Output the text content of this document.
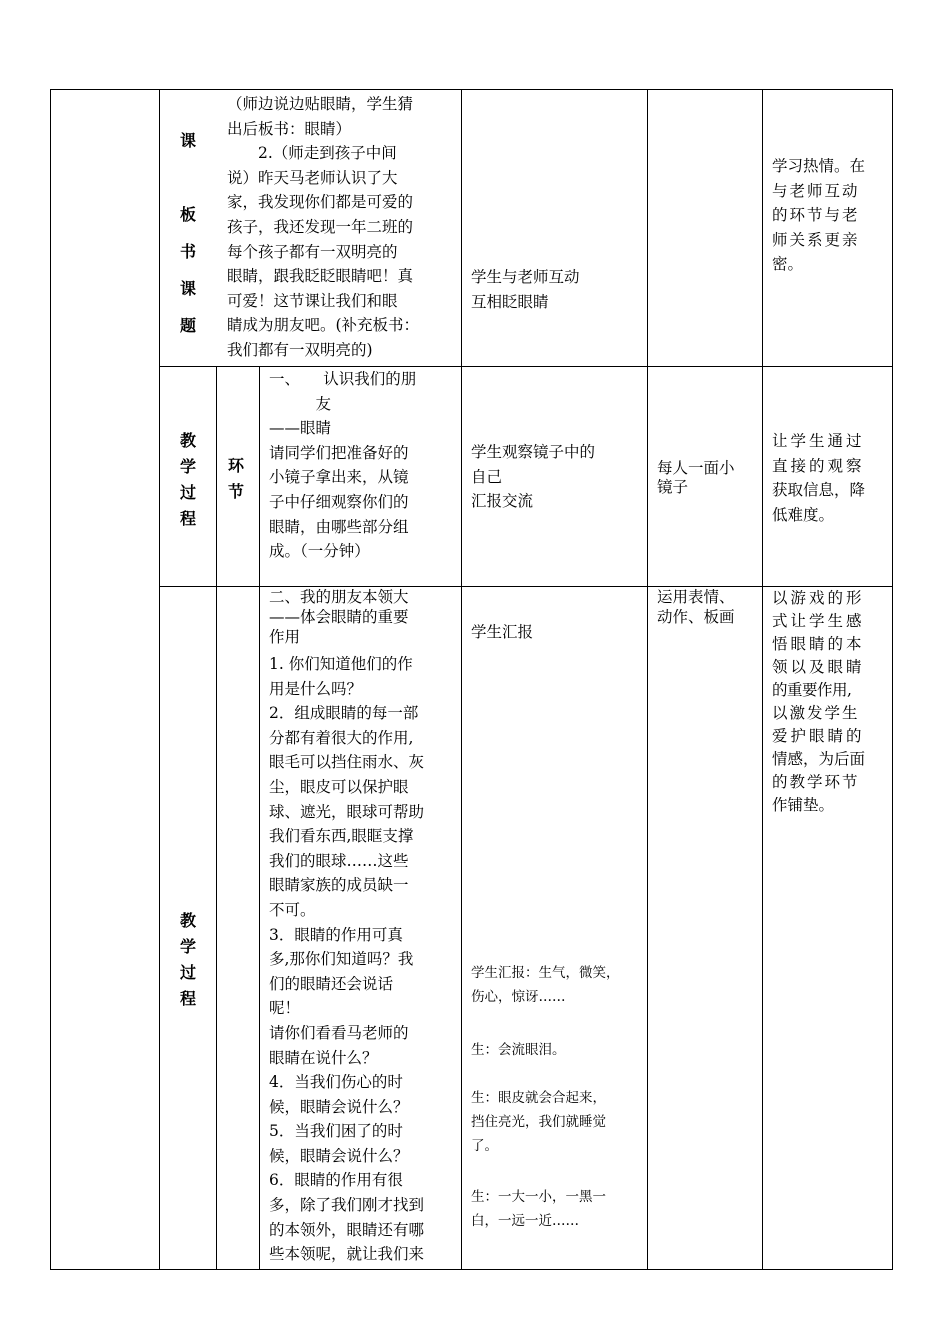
课
板
书
课
题
（师边说边贴眼睛，学生猜
出后板书：眼睛）
　　2.（师走到孩子中间
说）昨天马老师认识了大
家，我发现你们都是可爱的
孩子，我还发现一年二班的
每个孩子都有一双明亮的
眼睛，跟我眨眨眼睛吧！真
可爱！这节课让我们和眼
睛成为朋友吧。(补充板书：
我们都有一双明亮的)
学生与老师互动
互相眨眼睛
学习热情。在
与老师互动
的环节与老
师关系更亲
密。
教
学
过
程
环
节
一、　　认识我们的朋
　　　友
——眼睛
请同学们把准备好的
小镜子拿出来，从镜
子中仔细观察你们的
眼睛，由哪些部分组
成。（一分钟）
学生观察镜子中的
自己
汇报交流
每人一面小
镜子
让学生通过
直接的观察
获取信息，降
低难度。
教
学
过
程
二、我的朋友本领大
——体会眼睛的重要
作用
1. 你们知道他们的作
用是什么吗？
2．组成眼睛的每一部
分都有着很大的作用,
眼毛可以挡住雨水、灰
尘，眼皮可以保护眼
球、遮光，眼球可帮助
我们看东西,眼眶支撑
我们的眼球……这些
眼睛家族的成员缺一
不可。
3．眼睛的作用可真
多,那你们知道吗？我
们的眼睛还会说话
呢！
请你们看看马老师的
眼睛在说什么？
4．当我们伤心的时
候，眼睛会说什么？
5．当我们困了的时
候，眼睛会说什么？
6．眼睛的作用有很
多，除了我们刚才找到
的本领外，眼睛还有哪
些本领呢，就让我们来
学生汇报
学生汇报：生气，微笑，
伤心，惊讶……
生：会流眼泪。
生：眼皮就会合起来，
挡住亮光，我们就睡觉
了。
生：一大一小，一黑一
白，一远一近……
运用表情、
动作、板画
以游戏的形
式让学生感
悟眼睛的本
领以及眼睛
的重要作用,
以激发学生
爱护眼睛的
情感，为后面
的教学环节
作铺垫。
